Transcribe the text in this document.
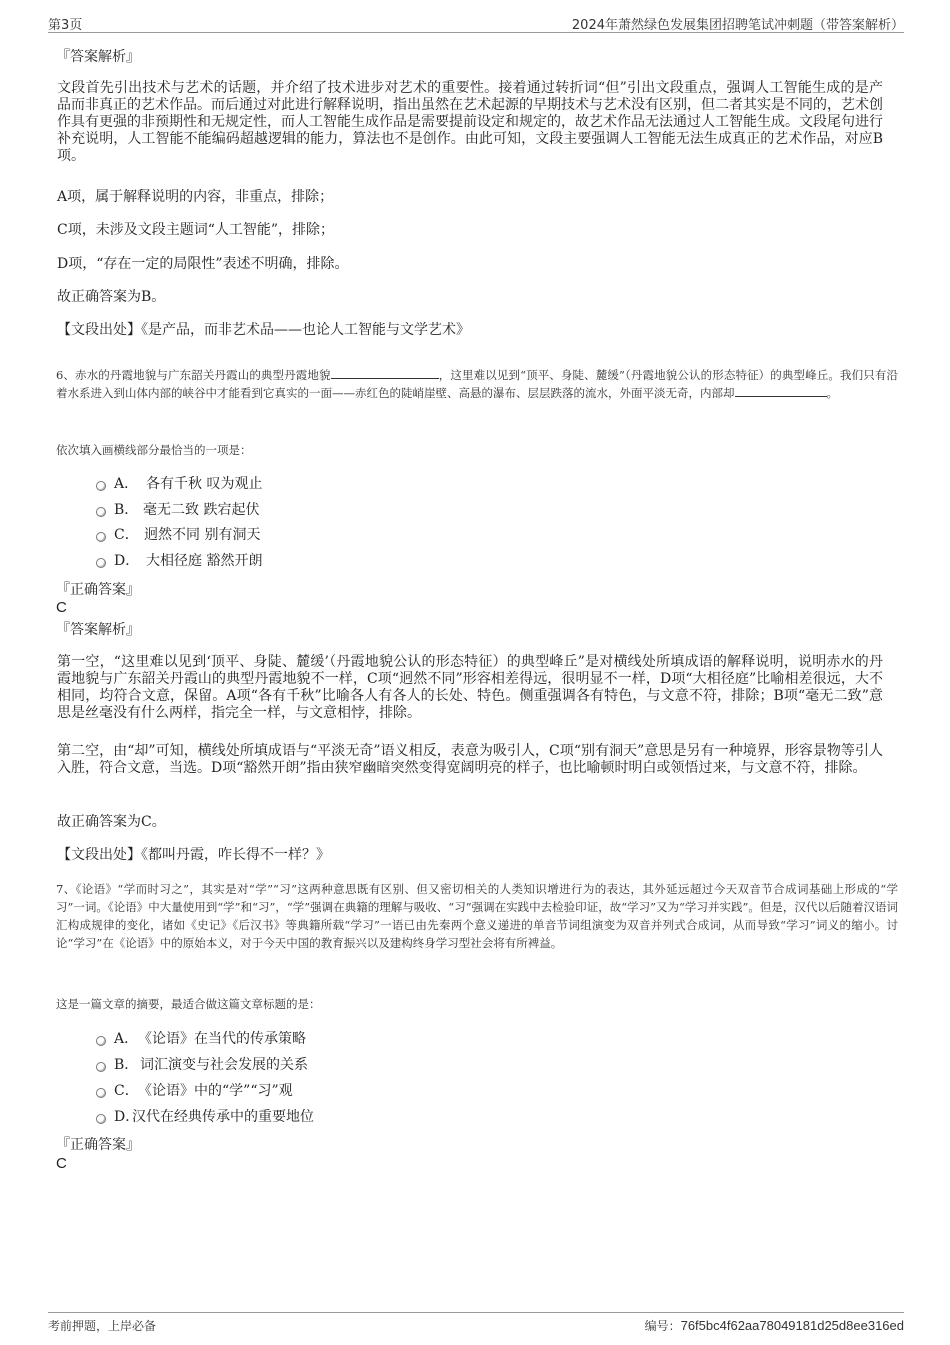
第3页	2024年萧然绿色发展集团招聘笔试冲刺题（带答案解析）
『答案解析』

文段首先引出技术与艺术的话题，并介绍了技术进步对艺术的重要性。接着通过转折词“但”引出文段重点，强调人工智能生成的是产品而非真正的艺术作品。而后通过对此进行解释说明，指出虽然在艺术起源的早期技术与艺术没有区别，但二者其实是不同的，艺术创作具有更强的非预期性和无规定性，而人工智能生成作品是需要提前设定和规定的，故艺术作品无法通过人工智能生成。文段尾句进行补充说明，人工智能不能编码超越逻辑的能力，算法也不是创作。由此可知，文段主要强调人工智能无法生成真正的艺术作品，对应B项。

A项，属于解释说明的内容，非重点，排除；
C项，未涉及文段主题词“人工智能”，排除；
D项，“存在一定的局限性”表述不明确，排除。
故正确答案为B。
【文段出处】《是产品，而非艺术品——也论人工智能与文学艺术》

6、赤水的丹霞地貌与广东韶关丹霞山的典型丹霞地貌	，这里难以见到“顶平、身陡、麓缓”（丹霞地貌公认的形态特征）的典型峰丘。我们只有沿着水系进入到山体内部的峡谷中才能看到它真实的一面——赤红色的陡峭崖壁、高悬的瀑布、层层跌落的流水，外面平淡无奇，内部却	。

依次填入画横线部分最恰当的一项是：
A． 各有千秋 叹为观止
B． 毫无二致 跌宕起伏
C． 迥然不同 别有洞天
D． 大相径庭 豁然开朗
『正确答案』
C
『答案解析』

第一空，“这里难以见到‘顶平、身陡、麓缓’（丹霞地貌公认的形态特征）的典型峰丘”是对横线处所填成语的解释说明，说明赤水的丹霞地貌与广东韶关丹霞山的典型丹霞地貌不一样，C项“迥然不同”形容相差得远，很明显不一样，D项“大相径庭”比喻相差很远，大不相同，均符合文意，保留。A项“各有千秋”比喻各人有各人的长处、特色。侧重强调各有特色，与文意不符，排除；B项“毫无二致”意思是丝毫没有什么两样，指完全一样，与文意相悖，排除。

第二空，由“却”可知，横线处所填成语与“平淡无奇”语义相反，表意为吸引人，C项“别有洞天”意思是另有一种境界，形容景物等引人入胜，符合文意，当选。D项“豁然开朗”指由狭窄幽暗突然变得宽阔明亮的样子，也比喻顿时明白或领悟过来，与文意不符，排除。

故正确答案为C。
【文段出处】《都叫丹霞，咋长得不一样？》

7、《论语》“学而时习之”，其实是对“学”“习”这两种意思既有区别、但又密切相关的人类知识增进行为的表达，其外延远超过今天双音节合成词基础上形成的“学习”一词。《论语》中大量使用到“学”和“习”，“学”强调在典籍的理解与吸收、“习”强调在实践中去检验印证，故“学习”又为“学习并实践”。但是，汉代以后随着汉语词汇构成规律的变化，诸如《史记》《后汉书》等典籍所载“学习”一语已由先秦两个意义递进的单音节词组演变为双音并列式合成词，从而导致“学习”词义的缩小。讨论“学习”在《论语》中的原始本义，对于今天中国的教育振兴以及建构终身学习型社会将有所裨益。

这是一篇文章的摘要，最适合做这篇文章标题的是：
A． 《论语》在当代的传承策略
B． 词汇演变与社会发展的关系
C． 《论语》中的“学”“习”观
D．
汉代在经典传承中的重要地位
『正确答案』
C
考前押题，上岸必备	编号：76f5bc4f62aa78049181d25d8ee316ed
